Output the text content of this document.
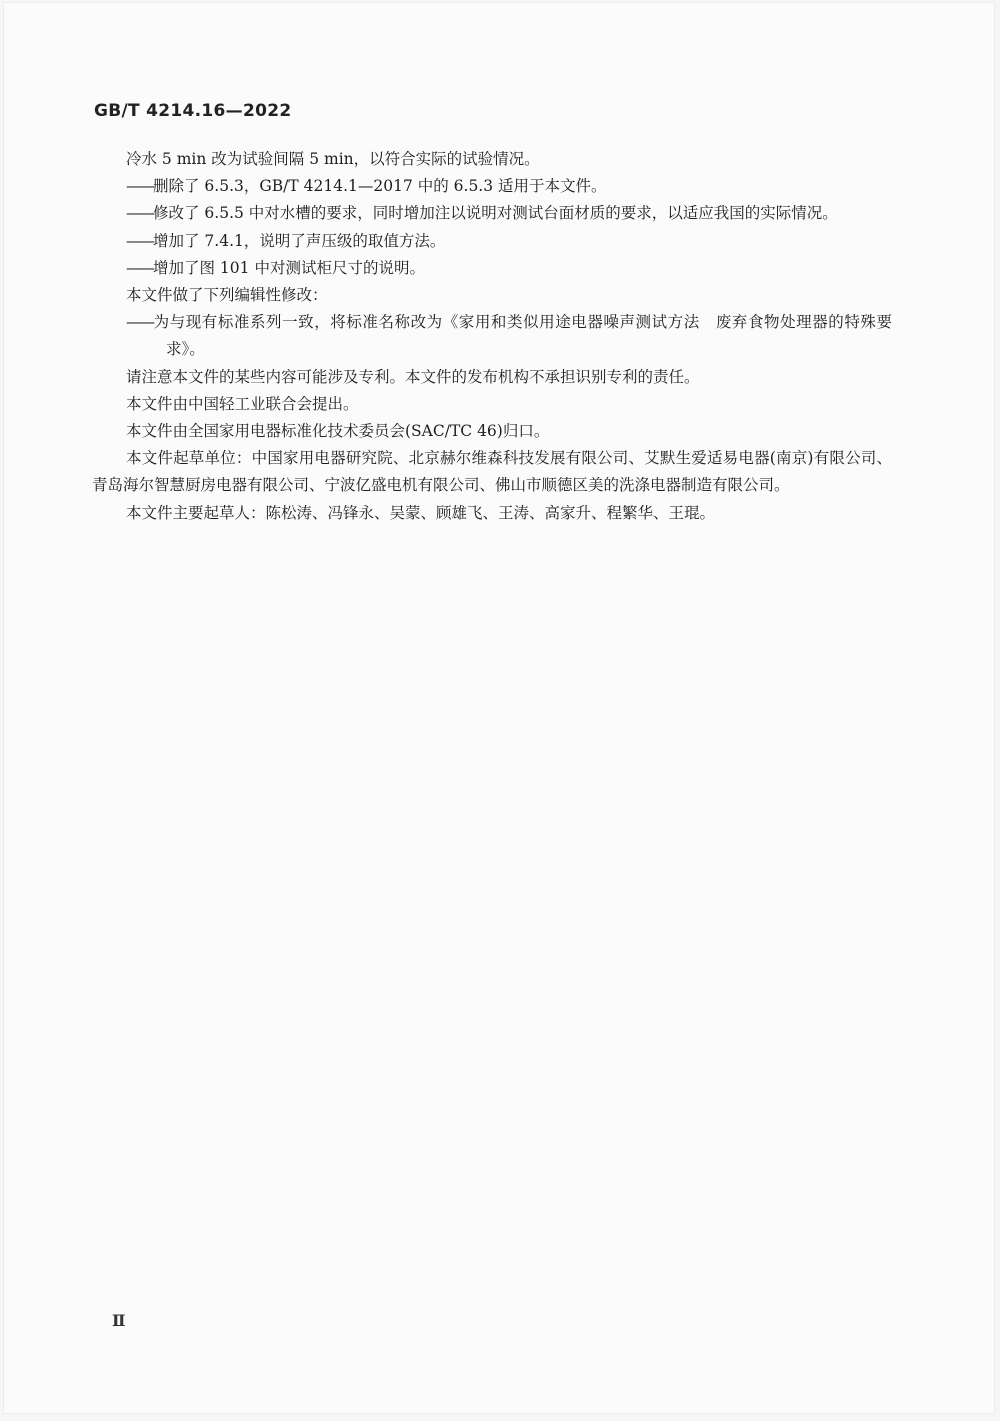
GB/T 4214.16—2022

冷水 5 min 改为试验间隔 5 min，以符合实际的试验情况。

——删除了 6.5.3，GB/T 4214.1—2017 中的 6.5.3 适用于本文件。

——修改了 6.5.5 中对水槽的要求，同时增加注以说明对测试台面材质的要求，以适应我国的实际情况。

——增加了 7.4.1，说明了声压级的取值方法。

——增加了图 101 中对测试柜尺寸的说明。

本文件做了下列编辑性修改：

——为与现有标准系列一致，将标准名称改为《家用和类似用途电器噪声测试方法　废弃食物处理器的特殊要求》。

请注意本文件的某些内容可能涉及专利。本文件的发布机构不承担识别专利的责任。

本文件由中国轻工业联合会提出。

本文件由全国家用电器标准化技术委员会(SAC/TC 46)归口。

本文件起草单位：中国家用电器研究院、北京赫尔维森科技发展有限公司、艾默生爱适易电器(南京)有限公司、青岛海尔智慧厨房电器有限公司、宁波亿盛电机有限公司、佛山市顺德区美的洗涤电器制造有限公司。

本文件主要起草人：陈松涛、冯锋永、吴蒙、顾雄飞、王涛、高家升、程繁华、王琨。

Ⅱ
